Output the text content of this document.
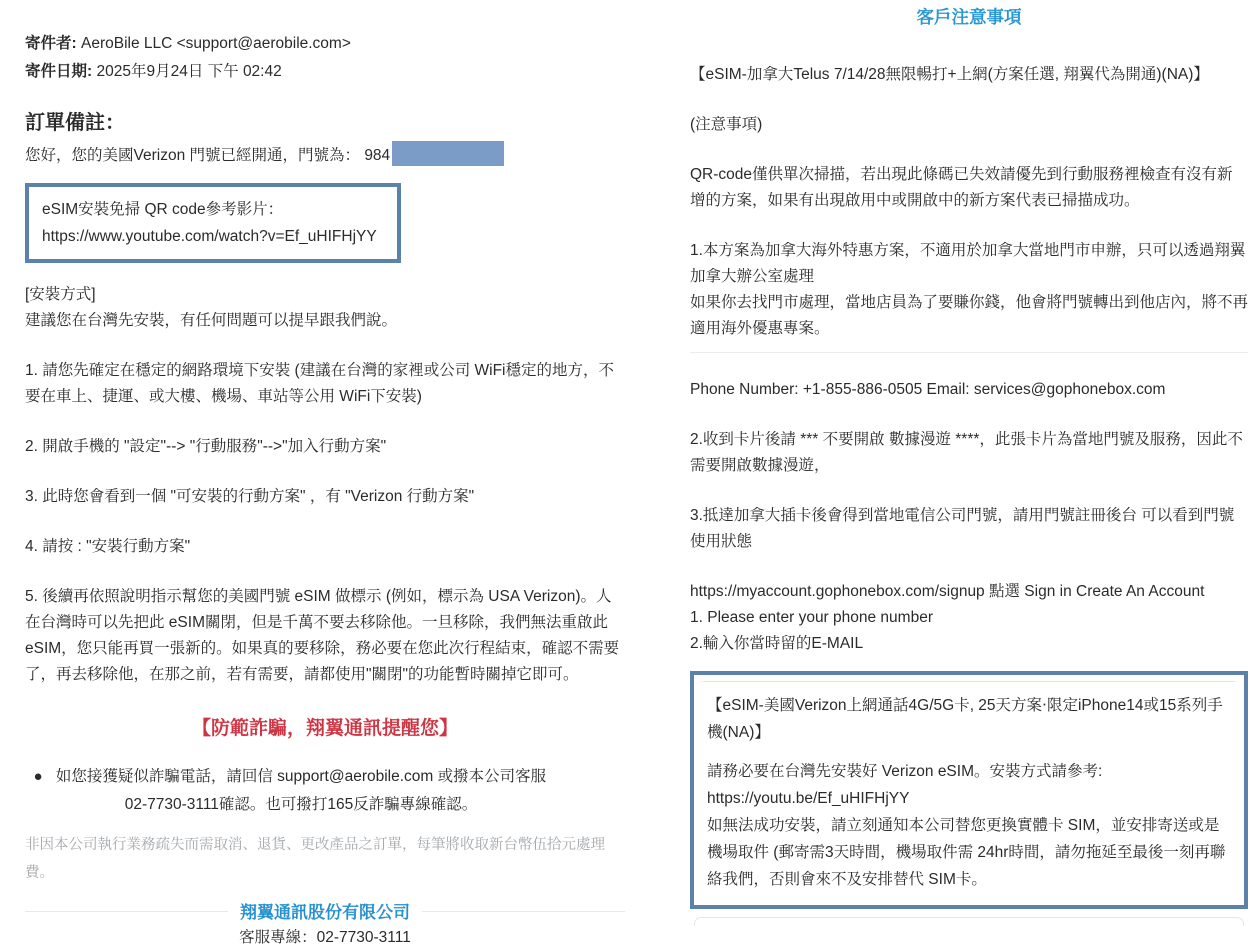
寄件者: AeroBile LLC <support@aerobile.com>

寄件日期: 2025年9月24日 下午 02:42

訂單備註：

您好，您的美國Verizon 門號已經開通，門號為： 984

eSIM安裝免掃 QR code參考影片：

https://www.youtube.com/watch?v=Ef_uHIFHjYY

[安裝方式]

建議您在台灣先安裝，有任何問題可以提早跟我們說。

1. 請您先確定在穩定的網路環境下安裝 (建議在台灣的家裡或公司 WiFi穩定的地方，不要在車上、捷運、或大樓、機場、車站等公用 WiFi下安裝)

2. 開啟手機的 "設定"--> "行動服務"-->"加入行動方案"

3. 此時您會看到一個 "可安裝的行動方案" ，有 "Verizon 行動方案"

4. 請按 : "安裝行動方案"

5. 後續再依照說明指示幫您的美國門號 eSIM 做標示 (例如，標示為 USA Verizon)。人在台灣時可以先把此 eSIM關閉，但是千萬不要去移除他。一旦移除，我們無法重啟此 eSIM，您只能再買一張新的。如果真的要移除，務必要在您此次行程結束，確認不需要了，再去移除他，在那之前，若有需要，請都使用"關閉"的功能暫時關掉它即可。

【防範詐騙，翔翼通訊提醒您】
● 如您接獲疑似詐騙電話，請回信 support@aerobile.com 或撥本公司客服02-7730-3111確認。也可撥打165反詐騙專線確認。

非因本公司執行業務疏失而需取消、退貨、更改產品之訂單，每筆將收取新台幣伍拾元處理費。

翔翼通訊股份有限公司

客服專線：02-7730-3111

客戶注意事項

【eSIM-加拿大Telus 7/14/28無限暢打+上網(方案任選, 翔翼代為開通)(NA)】

(注意事項)

QR-code僅供單次掃描，若出現此條碼已失效請優先到行動服務裡檢查有沒有新增的方案，如果有出現啟用中或開啟中的新方案代表已掃描成功。

1.本方案為加拿大海外特惠方案，不適用於加拿大當地門市申辦，只可以透過翔翼加拿大辦公室處理

如果你去找門市處理，當地店員為了要賺你錢，他會將門號轉出到他店內，將不再適用海外優惠專案。

Phone Number: +1-855-886-0505 Email: services@gophonebox.com

2.收到卡片後請 *** 不要開啟 數據漫遊 ****，此張卡片為當地門號及服務，因此不需要開啟數據漫遊，

3.抵達加拿大插卡後會得到當地電信公司門號，請用門號註冊後台 可以看到門號使用狀態

https://myaccount.gophonebox.com/signup 點選 Sign in Create An Account

1. Please enter your phone number

2.輸入你當時留的E-MAIL

【eSIM-美國Verizon上網通話4G/5G卡, 25天方案‧限定iPhone14或15系列手機(NA)】

請務必要在台灣先安裝好 Verizon eSIM。安裝方式請參考:

https://youtu.be/Ef_uHIFHjYY

如無法成功安裝，請立刻通知本公司替您更換實體卡 SIM，並安排寄送或是機場取件 (郵寄需3天時間，機場取件需 24hr時間，請勿拖延至最後一刻再聯絡我們，否則會來不及安排替代 SIM卡。
